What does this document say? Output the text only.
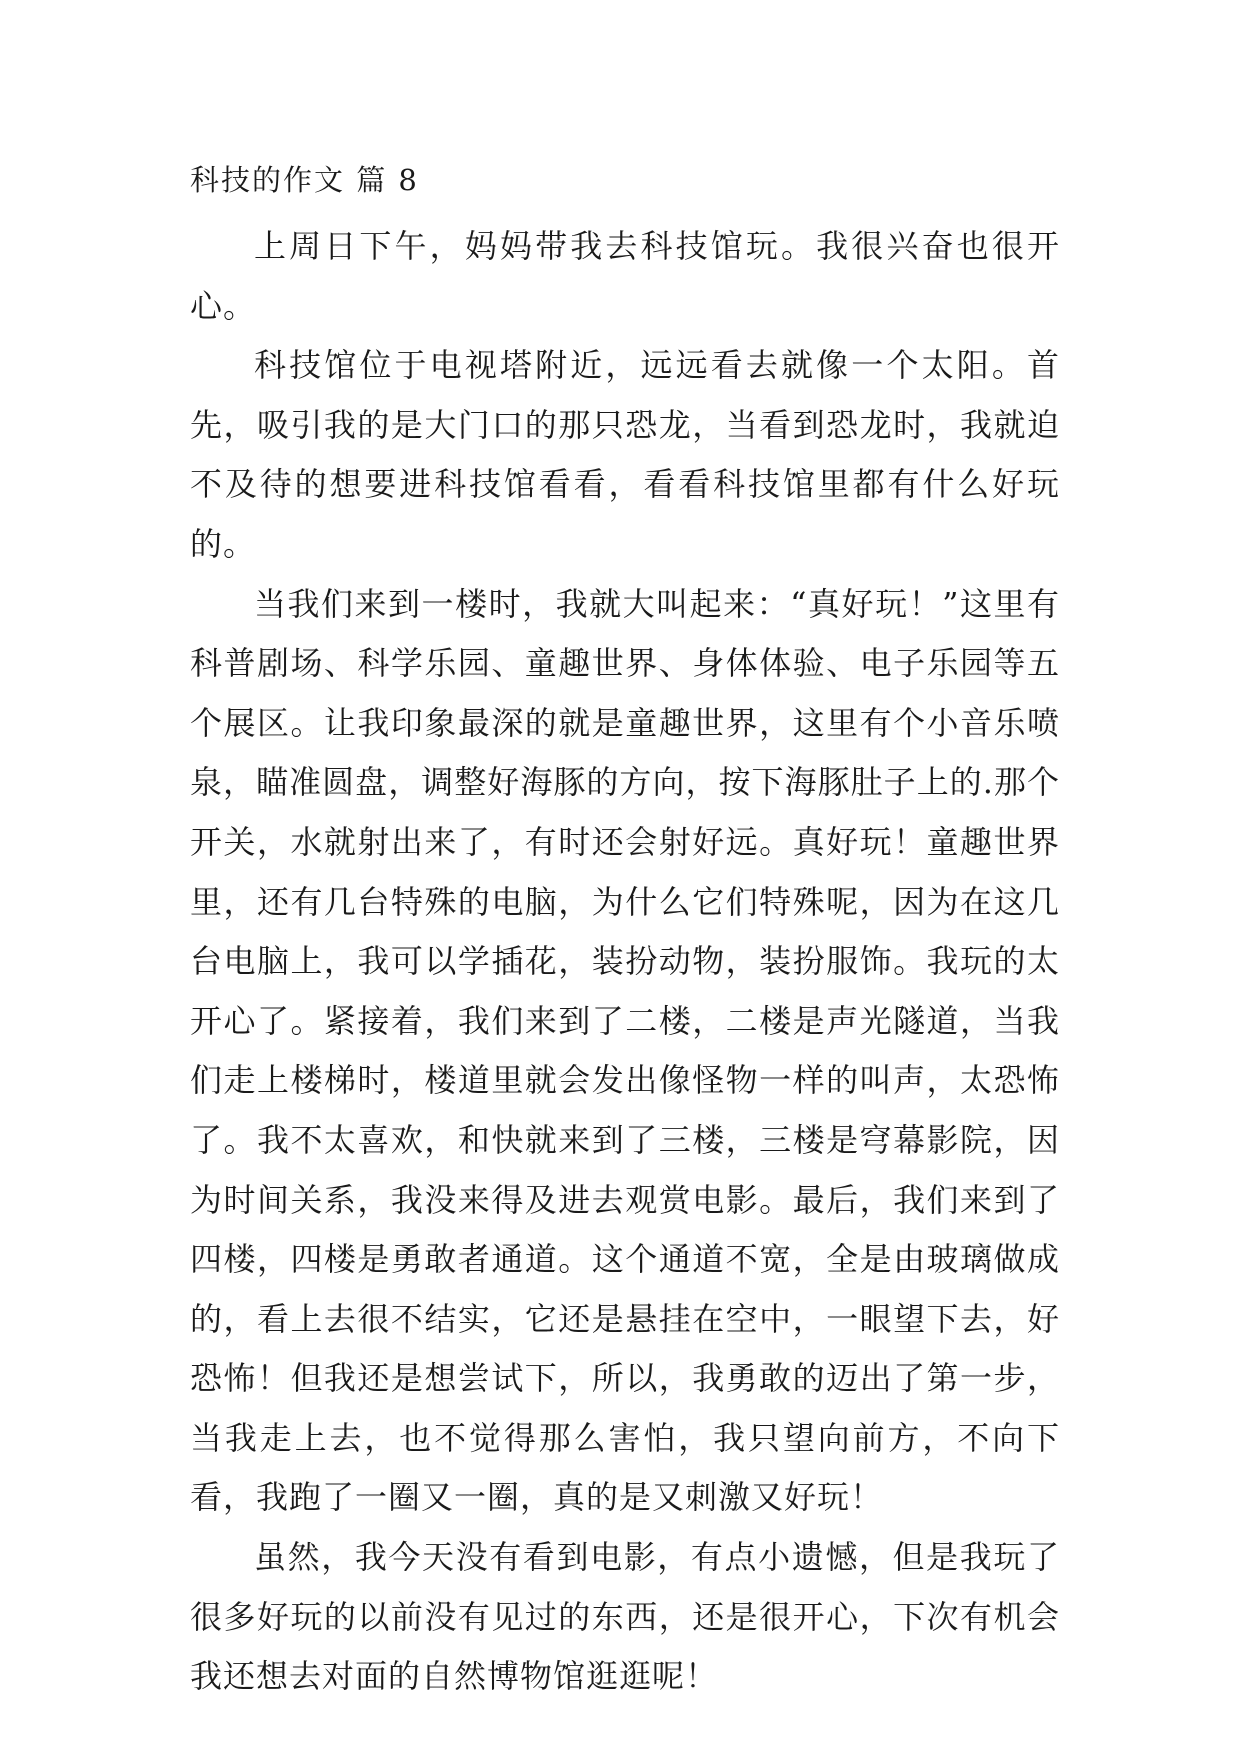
科技的作文 篇 8

上周日下午，妈妈带我去科技馆玩。我很兴奋也很开心。

科技馆位于电视塔附近，远远看去就像一个太阳。首先，吸引我的是大门口的那只恐龙，当看到恐龙时，我就迫不及待的想要进科技馆看看，看看科技馆里都有什么好玩的。

当我们来到一楼时，我就大叫起来：“真好玩！”这里有科普剧场、科学乐园、童趣世界、身体体验、电子乐园等五个展区。让我印象最深的就是童趣世界，这里有个小音乐喷泉，瞄准圆盘，调整好海豚的方向，按下海豚肚子上的.那个开关，水就射出来了，有时还会射好远。真好玩！童趣世界里，还有几台特殊的电脑，为什么它们特殊呢，因为在这几台电脑上，我可以学插花，装扮动物，装扮服饰。我玩的太开心了。紧接着，我们来到了二楼，二楼是声光隧道，当我们走上楼梯时，楼道里就会发出像怪物一样的叫声，太恐怖了。我不太喜欢，和快就来到了三楼，三楼是穹幕影院，因为时间关系，我没来得及进去观赏电影。最后，我们来到了四楼，四楼是勇敢者通道。这个通道不宽，全是由玻璃做成的，看上去很不结实，它还是悬挂在空中，一眼望下去，好恐怖！但我还是想尝试下，所以，我勇敢的迈出了第一步，当我走上去，也不觉得那么害怕，我只望向前方，不向下看，我跑了一圈又一圈，真的是又刺激又好玩！

虽然，我今天没有看到电影，有点小遗憾，但是我玩了很多好玩的以前没有见过的东西，还是很开心，下次有机会我还想去对面的自然博物馆逛逛呢！
